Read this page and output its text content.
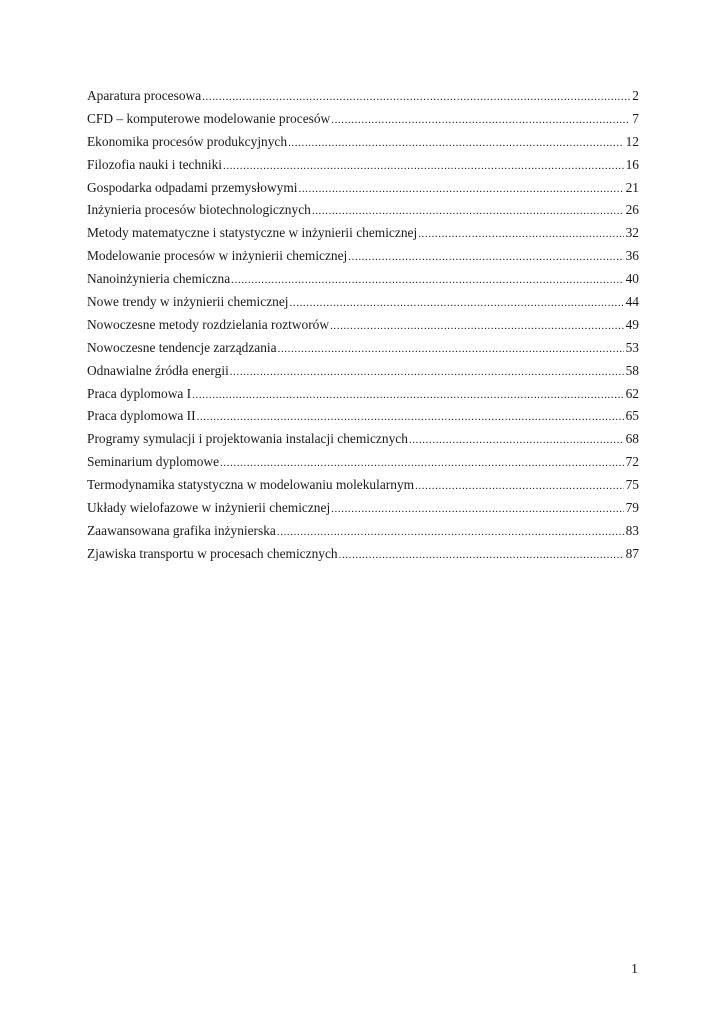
Aparatura procesowa .....	2
CFD – komputerowe modelowanie procesów .....	7
Ekonomika procesów produkcyjnych .....	12
Filozofia nauki i techniki .....	16
Gospodarka odpadami przemysłowymi .....	21
Inżynieria procesów biotechnologicznych .....	26
Metody matematyczne i statystyczne w inżynierii chemicznej .....	32
Modelowanie procesów w inżynierii chemicznej .....	36
Nanoinżynieria chemiczna .....	40
Nowe trendy w inżynierii chemicznej .....	44
Nowoczesne metody rozdzielania roztworów .....	49
Nowoczesne tendencje zarządzania .....	53
Odnawialne źródła energii .....	58
Praca dyplomowa I .....	62
Praca dyplomowa II .....	65
Programy symulacji i projektowania instalacji chemicznych .....	68
Seminarium dyplomowe .....	72
Termodynamika statystyczna w modelowaniu molekularnym .....	75
Układy wielofazowe w inżynierii chemicznej .....	79
Zaawansowana grafika inżynierska .....	83
Zjawiska transportu w procesach chemicznych .....	87
1
